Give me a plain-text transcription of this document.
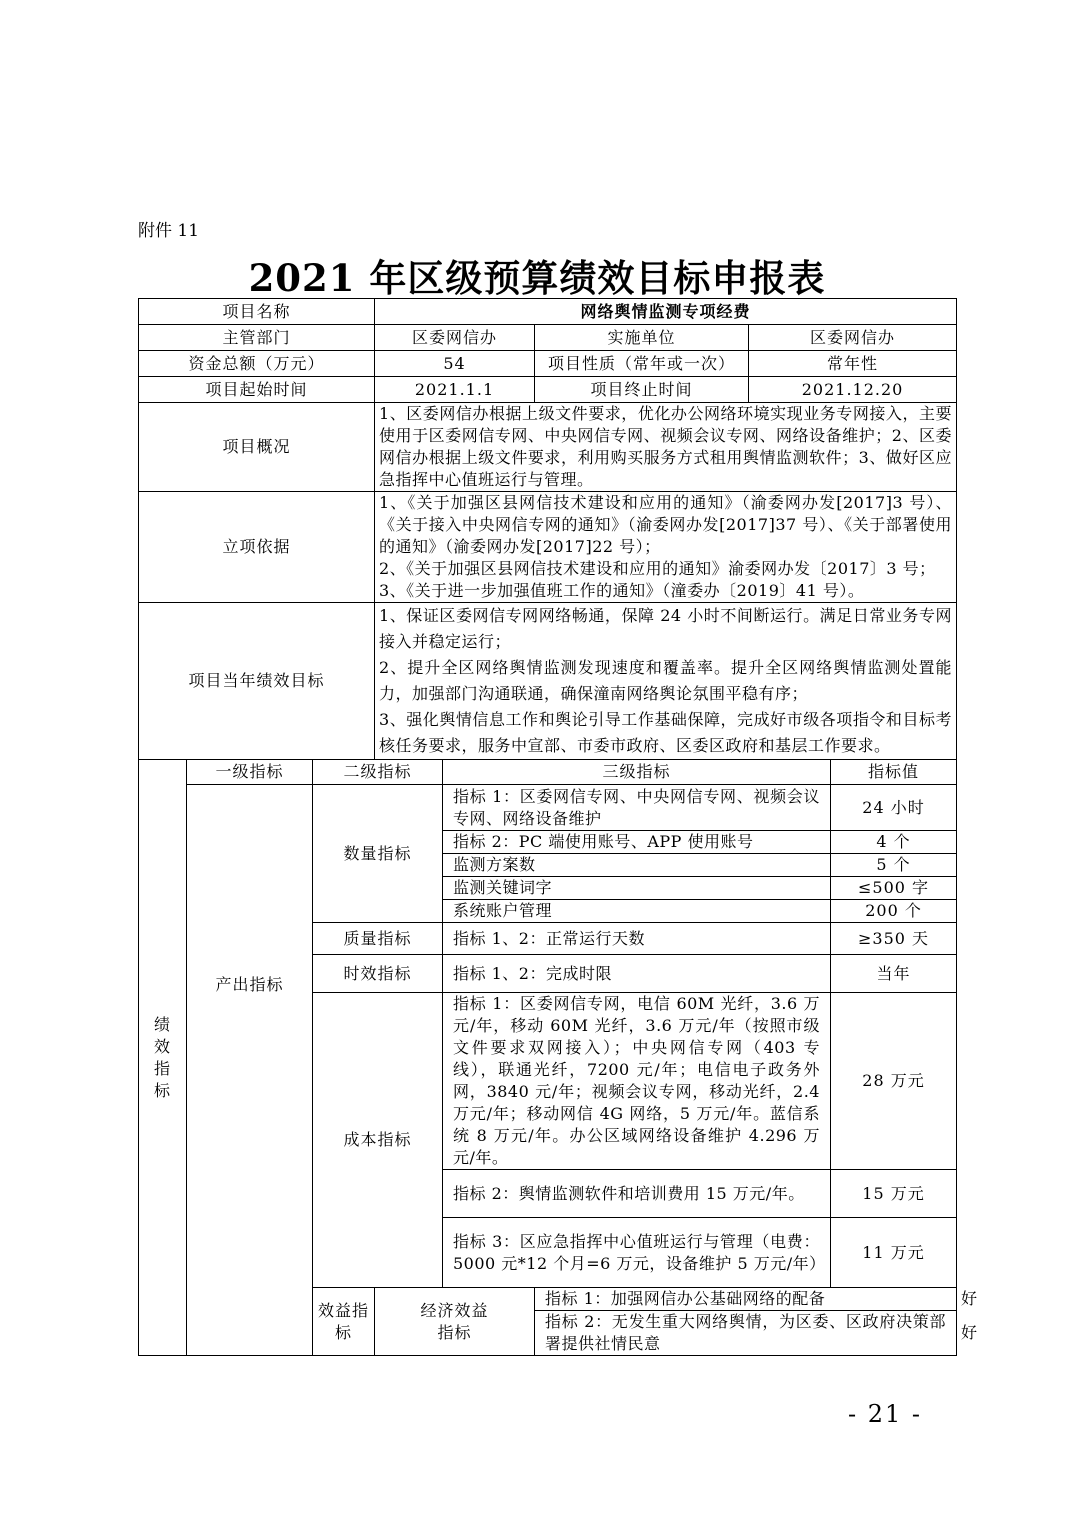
附件 11
2021 年区级预算绩效目标申报表
项目名称			网络舆情监测专项经费					
主管部门			区委网信办		实施单位	区委网信办		
资金总额（万元）			54		项目性质（常年或一次）	常年性		
项目起始时间			2021.1.1		项目终止时间	2021.12.20		
项目概况			1、区委网信办根据上级文件要求，优化办公网络环境实现业务专网接入，主要使用于区委网信专网、中央网信专网、视频会议专网、网络设备维护；2、区委网信办根据上级文件要求，利用购买服务方式租用舆情监测软件；3、做好区应急指挥中心值班运行与管理。					
立项依据			1、《关于加强区县网信技术建设和应用的通知》（渝委网办发[2017]3 号）、《关于接入中央网信专网的通知》（渝委网办发[2017]37 号）、《关于部署使用的通知》（渝委网办发[2017]22 号）；
2、《关于加强区县网信技术建设和应用的通知》渝委网办发〔2017〕3 号；
3、《关于进一步加强值班工作的通知》（潼委办〔2019〕41 号）。					

项目当年绩效目标			1、保证区委网信专网网络畅通，保障 24 小时不间断运行。满足日常业务专网接入并稳定运行；
2、提升全区网络舆情监测发现速度和覆盖率。提升全区网络舆情监测处置能力，加强部门沟通联通，确保潼南网络舆论氛围平稳有序；
3、强化舆情信息工作和舆论引导工作基础保障，完成好市级各项指令和目标考核任务要求，服务中宣部、市委市政府、区委区政府和基层工作要求。					

绩效指标	一级指标	二级指标		三级指标			指标值	
	产出指标	数量指标		指标 1：区委网信专网、中央网信专网、视频会议专网、网络设备维护			24 小时	
				指标 2：PC 端使用账号、APP 使用账号			4 个	
				监测方案数			5 个	
				监测关键词字			≤500 字	
				系统账户管理			200 个	
		质量指标		指标 1、2：正常运行天数			≥350 天	
		时效指标		指标 1、2：完成时限			当年	
		成本指标		指标 1：区委网信专网，电信 60M 光纤，3.6 万元/年，移动 60M 光纤，3.6 万元/年（按照市级文件要求双网接入）；中央网信专网（403 专线），联通光纤，7200 元/年；电信电子政务外网，3840 元/年；视频会议专网，移动光纤，2.4 万元/年；移动网信 4G 网络，5 万元/年。蓝信系统 8 万元/年。办公区域网络设备维护 4.296 万元/年。			28 万元	
				指标 2：舆情监测软件和培训费用 15 万元/年。			15 万元	
				指标 3：区应急指挥中心值班运行与管理（电费：5000 元*12 个月=6 万元，设备维护 5 万元/年）			11 万元	
		效益指标	经济效益指标		指标 1：加强网信办公基础网络的配备			好
					指标 2：无发生重大网络舆情，为区委、区政府决策部署提供社情民意			好
- 21 -
